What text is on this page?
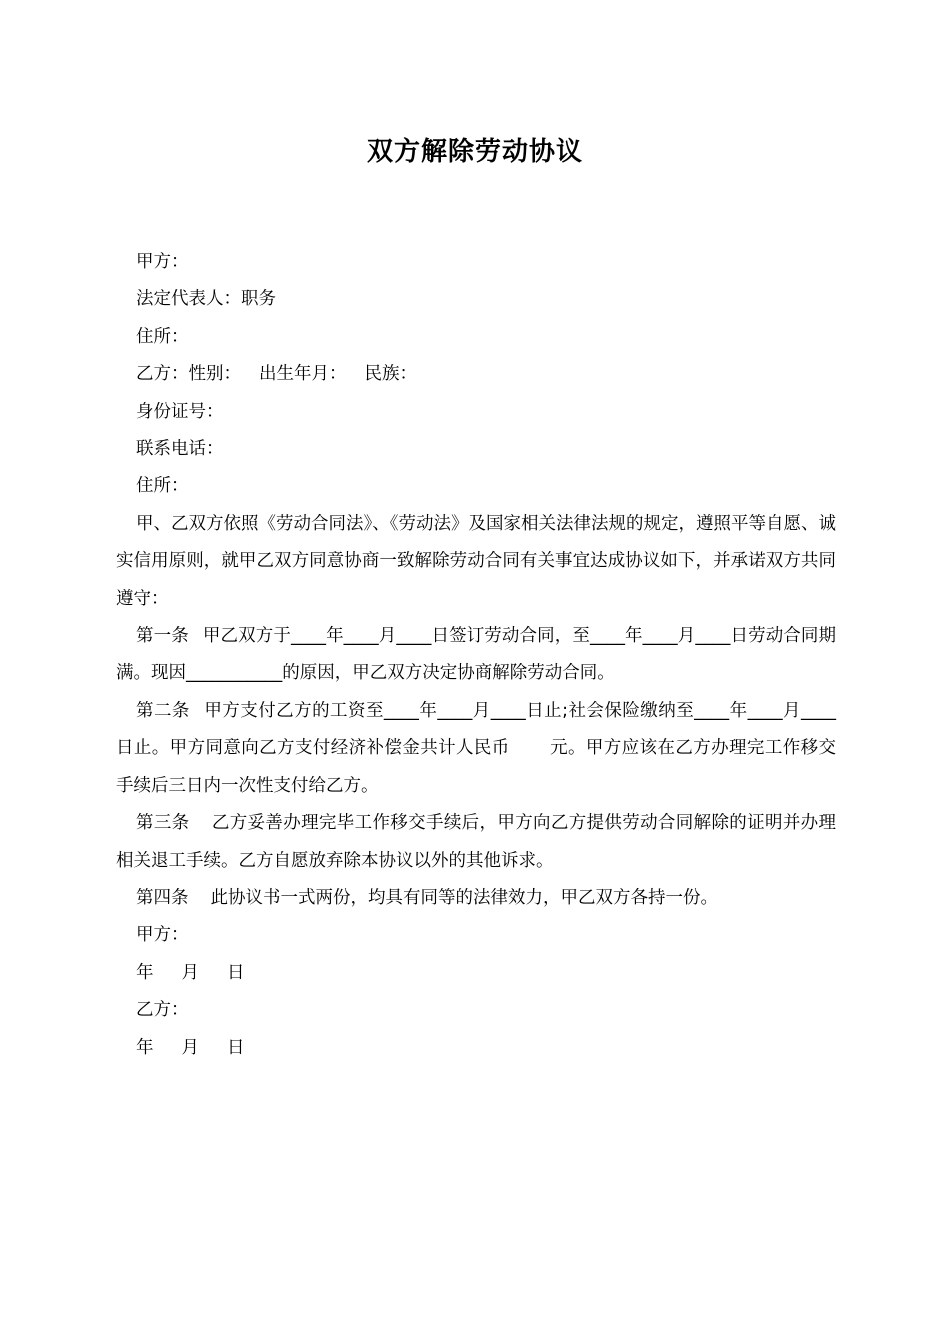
双方解除劳动协议
甲方：
法定代表人：职务
住所：
乙方：性别： 出生年月： 民族：
身份证号：
联系电话：
住所：

甲、乙双方依照《劳动合同法》、《劳动法》及国家相关法律法规的规定，遵照平等自愿、诚实信用原则，就甲乙双方同意协商一致解除劳动合同有关事宜达成协议如下，并承诺双方共同遵守：

第一条 甲乙双方于____年____月____日签订劳动合同，至____年____月____日劳动合同期满。现因___________的原因，甲乙双方决定协商解除劳动合同。

第二条 甲方支付乙方的工资至____年____月____日止;社会保险缴纳至____年____月____日止。甲方同意向乙方支付经济补偿金共计人民币 元。甲方应该在乙方办理完工作移交手续后三日内一次性支付给乙方。

第三条 乙方妥善办理完毕工作移交手续后，甲方向乙方提供劳动合同解除的证明并办理相关退工手续。乙方自愿放弃除本协议以外的其他诉求。

第四条 此协议书一式两份，均具有同等的法律效力，甲乙双方各持一份。

甲方：
年 月 日
乙方：
年 月 日
